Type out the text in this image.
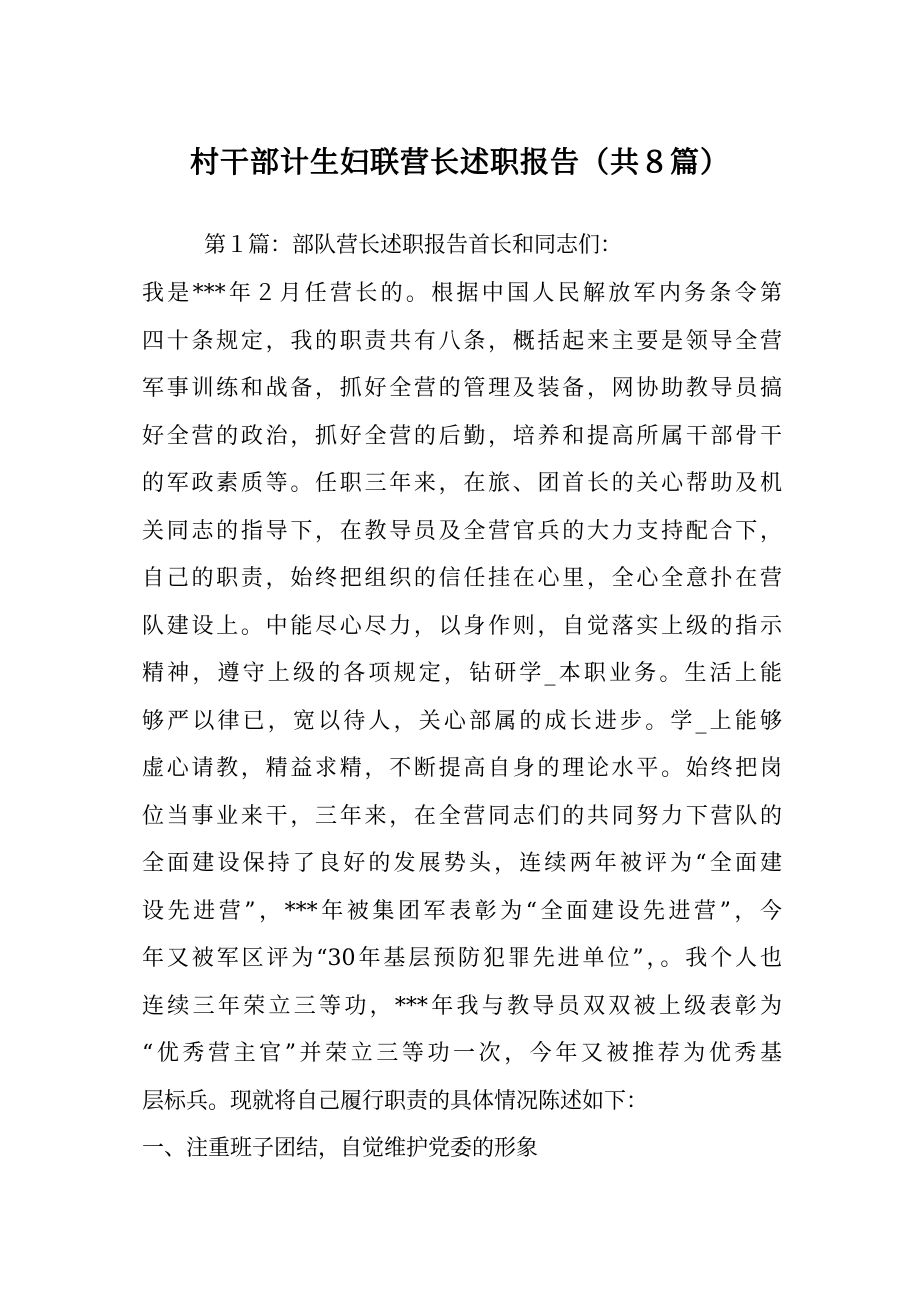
村干部计生妇联营长述职报告（共８篇）

第１篇：部队营长述职报告首长和同志们：

我是***年２月任营长的。根据中国人民解放军内务条令第
四十条规定，我的职责共有八条，概括起来主要是领导全营
军事训练和战备，抓好全营的管理及装备，网协助教导员搞
好全营的政治，抓好全营的后勤，培养和提高所属干部骨干
的军政素质等。任职三年来，在旅、团首长的关心帮助及机
关同志的指导下，在教导员及全营官兵的大力支持配合下，
自己的职责，始终把组织的信任挂在心里，全心全意扑在营
队建设上。中能尽心尽力，以身作则，自觉落实上级的指示
精神，遵守上级的各项规定，钻研学_本职业务。生活上能
够严以律已，宽以待人，关心部属的成长进步。学_上能够
虚心请教，精益求精，不断提高自身的理论水平。始终把岗
位当事业来干，三年来，在全营同志们的共同努力下营队的
全面建设保持了良好的发展势头，连续两年被评为“全面建
设先进营”，***年被集团军表彰为“全面建设先进营”，今
年又被军区评为“30年基层预防犯罪先进单位”，。我个人也
连续三年荣立三等功，***年我与教导员双双被上级表彰为
“优秀营主官”并荣立三等功一次，今年又被推荐为优秀基
层标兵。现就将自己履行职责的具体情况陈述如下：
一、注重班子团结，自觉维护党委的形象
